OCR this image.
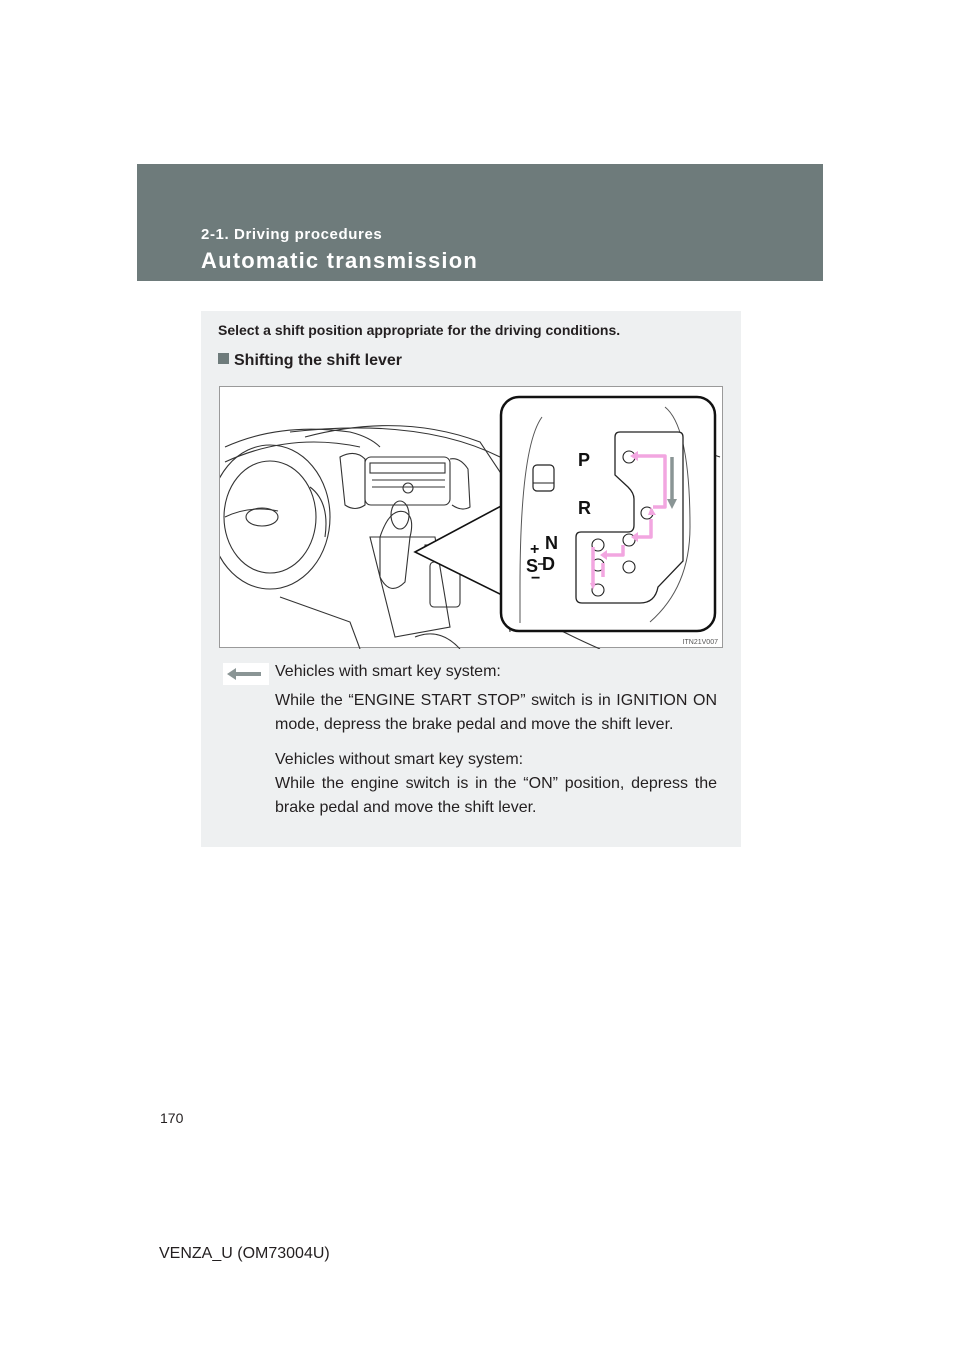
2-1. Driving procedures
Automatic transmission
Select a shift position appropriate for the driving conditions.
Shifting the shift lever
P
R
N
D
S
+
−
ITN21V007

Vehicles with smart key system:

While the “ENGINE START STOP” switch is in IGNITION ON mode, depress the brake pedal and move the shift lever.

Vehicles without smart key system:

While the engine switch is in the “ON” position, depress the brake pedal and move the shift lever.

170
VENZA_U (OM73004U)
